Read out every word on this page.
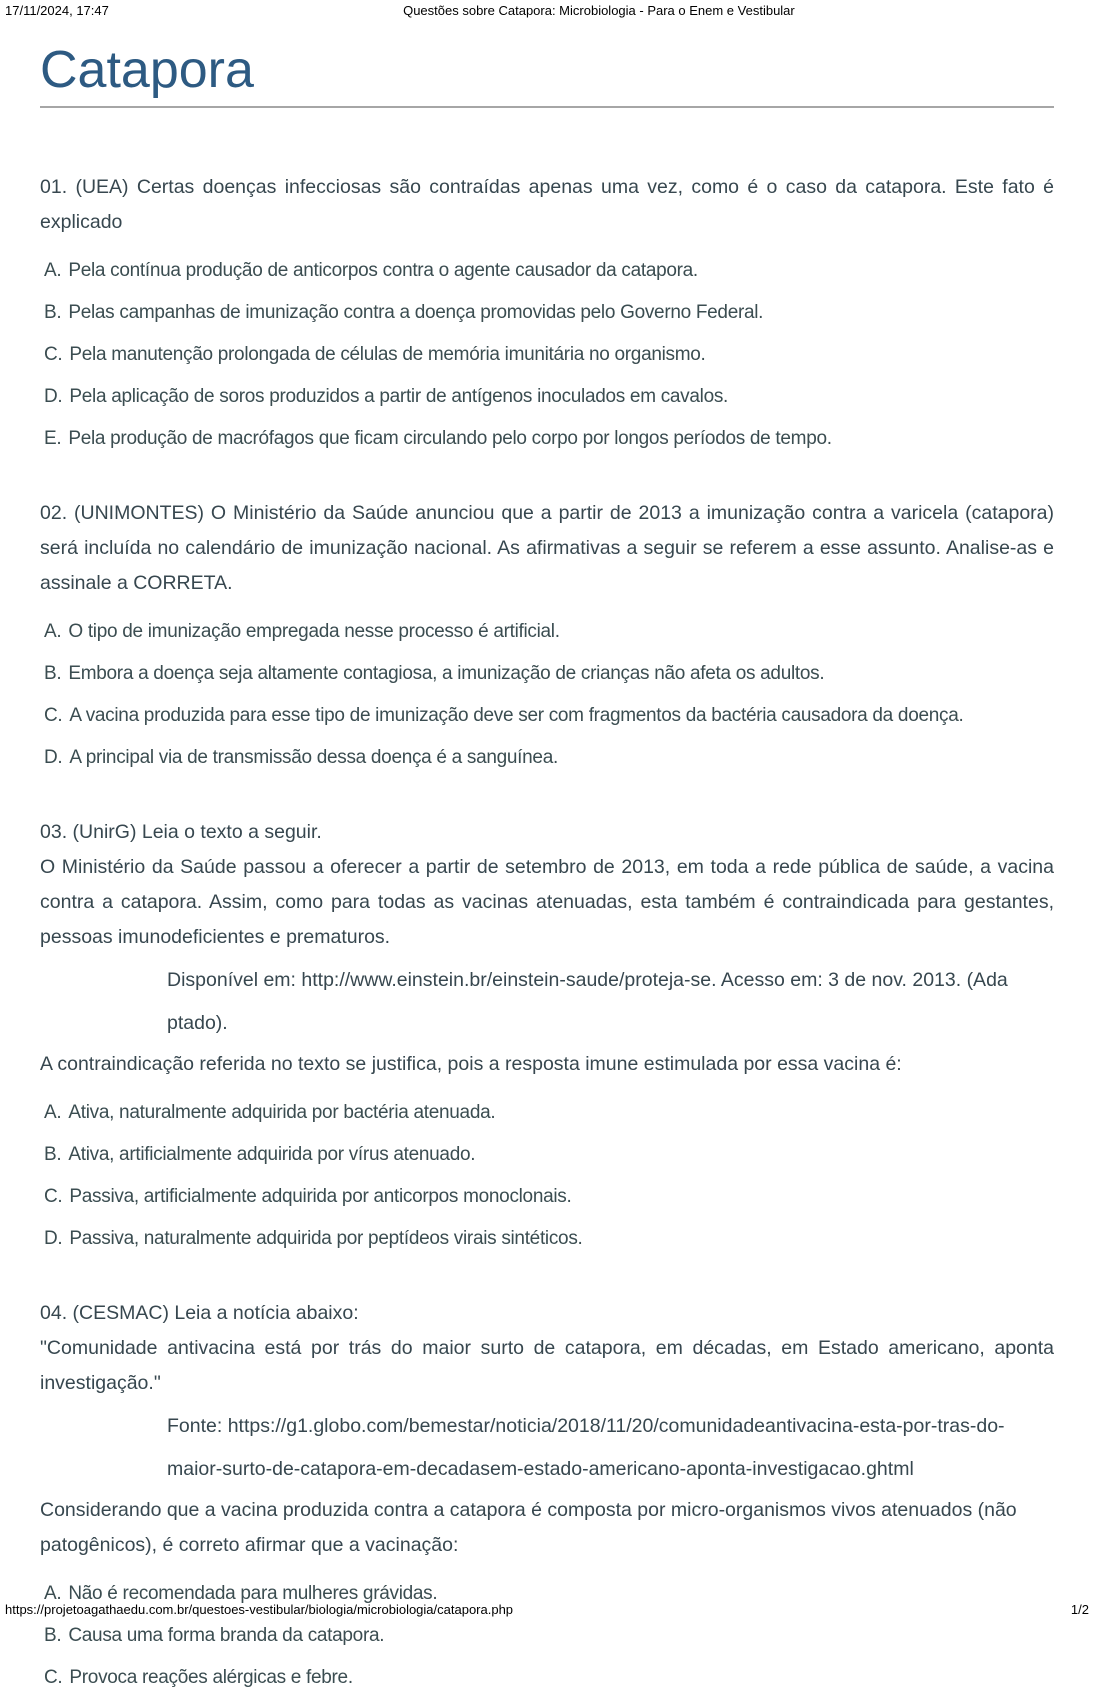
17/11/2024, 17:47	Questões sobre Catapora: Microbiologia - Para o Enem e Vestibular
Catapora
01. (UEA) Certas doenças infecciosas são contraídas apenas uma vez, como é o caso da catapora. Este fato é explicado

A. Pela contínua produção de anticorpos contra o agente causador da catapora.

B. Pelas campanhas de imunização contra a doença promovidas pelo Governo Federal.

C. Pela manutenção prolongada de células de memória imunitária no organismo.

D. Pela aplicação de soros produzidos a partir de antígenos inoculados em cavalos.

E. Pela produção de macrófagos que ficam circulando pelo corpo por longos períodos de tempo.

02. (UNIMONTES) O Ministério da Saúde anunciou que a partir de 2013 a imunização contra a varicela (catapora) será incluída no calendário de imunização nacional. As afirmativas a seguir se referem a esse assunto. Analise-as e assinale a CORRETA.

A. O tipo de imunização empregada nesse processo é artificial.

B. Embora a doença seja altamente contagiosa, a imunização de crianças não afeta os adultos.

C. A vacina produzida para esse tipo de imunização deve ser com fragmentos da bactéria causadora da doença.

D. A principal via de transmissão dessa doença é a sanguínea.

03. (UnirG) Leia o texto a seguir.

O Ministério da Saúde passou a oferecer a partir de setembro de 2013, em toda a rede pública de saúde, a vacina contra a catapora. Assim, como para todas as vacinas atenuadas, esta também é contraindicada para gestantes, pessoas imunodeficientes e prematuros.

Disponível em: http://www.einstein.br/einstein-saude/proteja-se. Acesso em: 3 de nov. 2013. (Ada
ptado).
A contraindicação referida no texto se justifica, pois a resposta imune estimulada por essa vacina é:

A. Ativa, naturalmente adquirida por bactéria atenuada.

B. Ativa, artificialmente adquirida por vírus atenuado.

C. Passiva, artificialmente adquirida por anticorpos monoclonais.

D. Passiva, naturalmente adquirida por peptídeos virais sintéticos.

04. (CESMAC) Leia a notícia abaixo:

"Comunidade antivacina está por trás do maior surto de catapora, em décadas, em Estado americano, aponta investigação."

Fonte: https://g1.globo.com/bemestar/noticia/2018/11/20/comunidadeantivacina-esta-por-tras-do-
maior-surto-de-catapora-em-decadasem-estado-americano-aponta-investigacao.ghtml
Considerando que a vacina produzida contra a catapora é composta por micro-organismos vivos atenuados (não patogênicos), é correto afirmar que a vacinação:

A. Não é recomendada para mulheres grávidas.

B. Causa uma forma branda da catapora.

C. Provoca reações alérgicas e febre.

https://projetoagathaedu.com.br/questoes-vestibular/biologia/microbiologia/catapora.php	1/2
